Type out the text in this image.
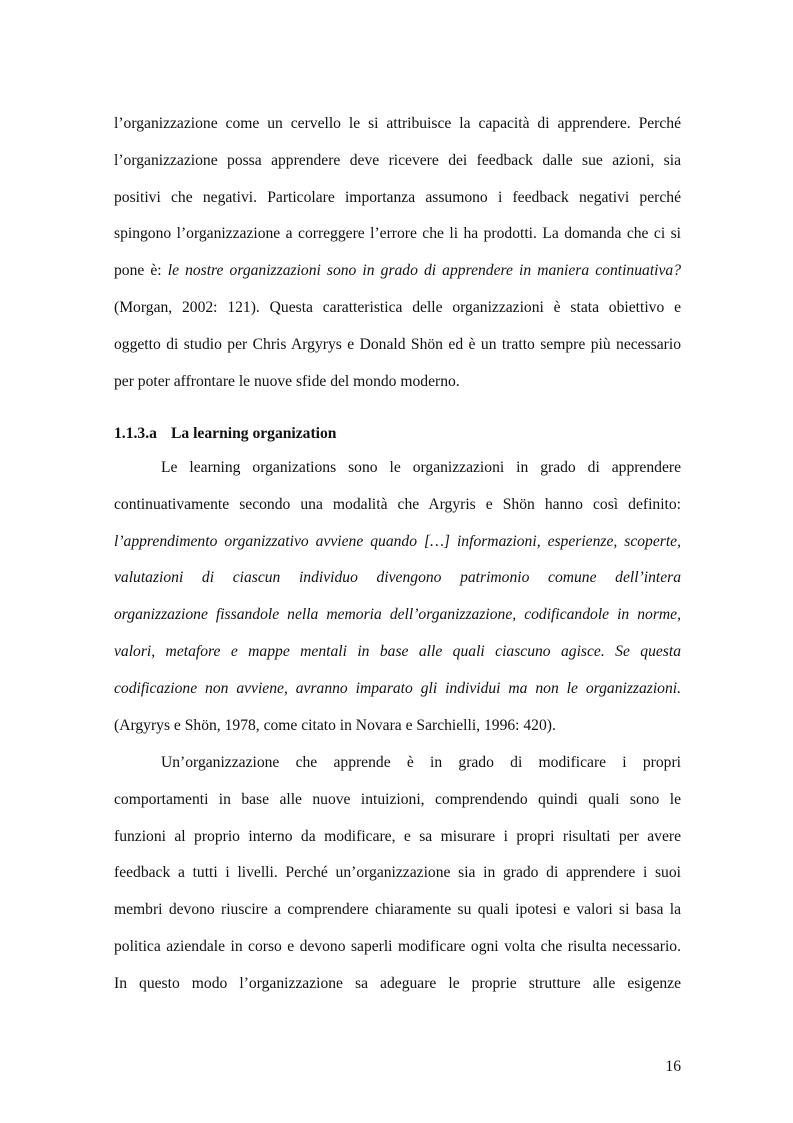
l’organizzazione come un cervello le si attribuisce la capacità di apprendere. Perché
l’organizzazione possa apprendere deve ricevere dei feedback dalle sue azioni, sia
positivi che negativi. Particolare importanza assumono i feedback negativi perché
spingono l’organizzazione a correggere l’errore che li ha prodotti. La domanda che ci si
pone è: le nostre organizzazioni sono in grado di apprendere in maniera continuativa?
(Morgan, 2002: 121). Questa caratteristica delle organizzazioni è stata obiettivo e
oggetto di studio per Chris Argyrys e Donald Shön ed è un tratto sempre più necessario
per poter affrontare le nuove sfide del mondo moderno.
1.1.3.a La learning organization
Le learning organizations sono le organizzazioni in grado di apprendere
continuativamente secondo una modalità che Argyris e Shön hanno così definito:
l’apprendimento organizzativo avviene quando […] informazioni, esperienze, scoperte,
valutazioni di ciascun individuo divengono patrimonio comune dell’intera
organizzazione fissandole nella memoria dell’organizzazione, codificandole in norme,
valori, metafore e mappe mentali in base alle quali ciascuno agisce. Se questa
codificazione non avviene, avranno imparato gli individui ma non le organizzazioni.
(Argyrys e Shön, 1978, come citato in Novara e Sarchielli, 1996: 420).
Un’organizzazione che apprende è in grado di modificare i propri
comportamenti in base alle nuove intuizioni, comprendendo quindi quali sono le
funzioni al proprio interno da modificare, e sa misurare i propri risultati per avere
feedback a tutti i livelli. Perché un’organizzazione sia in grado di apprendere i suoi
membri devono riuscire a comprendere chiaramente su quali ipotesi e valori si basa la
politica aziendale in corso e devono saperli modificare ogni volta che risulta necessario.
In questo modo l’organizzazione sa adeguare le proprie strutture alle esigenze
16
